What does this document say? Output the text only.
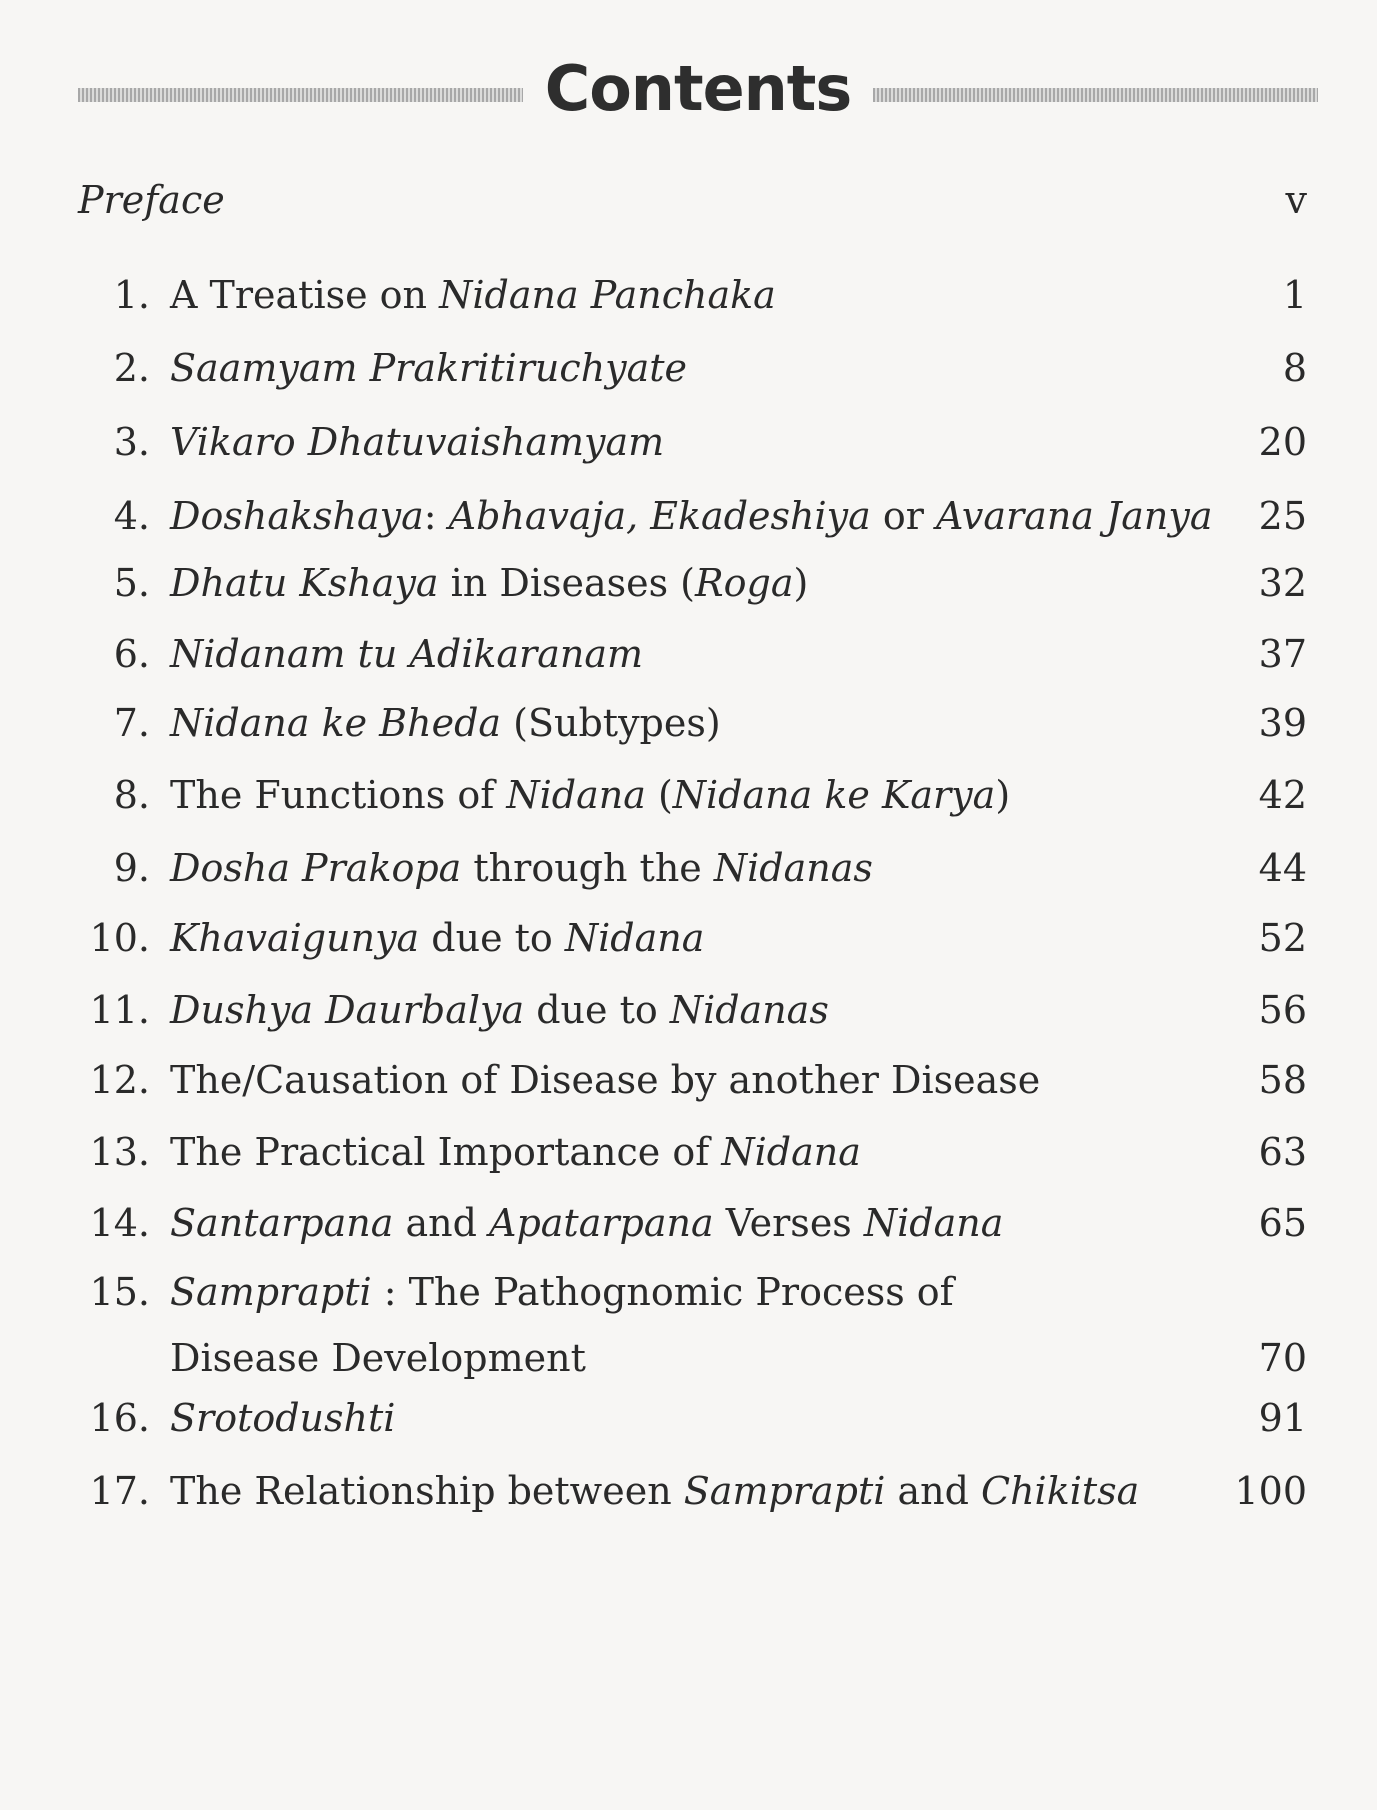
Contents
Preface	v
1. A Treatise on Nidana Panchaka	1
2. Saamyam Prakritiruchyate	8
3. Vikaro Dhatuvaishamyam	20
4. Doshakshaya: Abhavaja, Ekadeshiya or Avarana Janya 25
5. Dhatu Kshaya in Diseases (Roga)	32
6. Nidanam tu Adikaranam	37
7. Nidana ke Bheda (Subtypes)	39
8. The Functions of Nidana (Nidana ke Karya)	42
9. Dosha Prakopa through the Nidanas	44
10. Khavaigunya due to Nidana	52
11. Dushya Daurbalya due to Nidanas	56
12. The/Causation of Disease by another Disease	58
13. The Practical Importance of Nidana	63
14. Santarpana and Apatarpana Verses Nidana	65
15. Samprapti : The Pathognomic Process of
Disease Development	70
16. Srotodushti	91
17. The Relationship between Samprapti and Chikitsa	100
